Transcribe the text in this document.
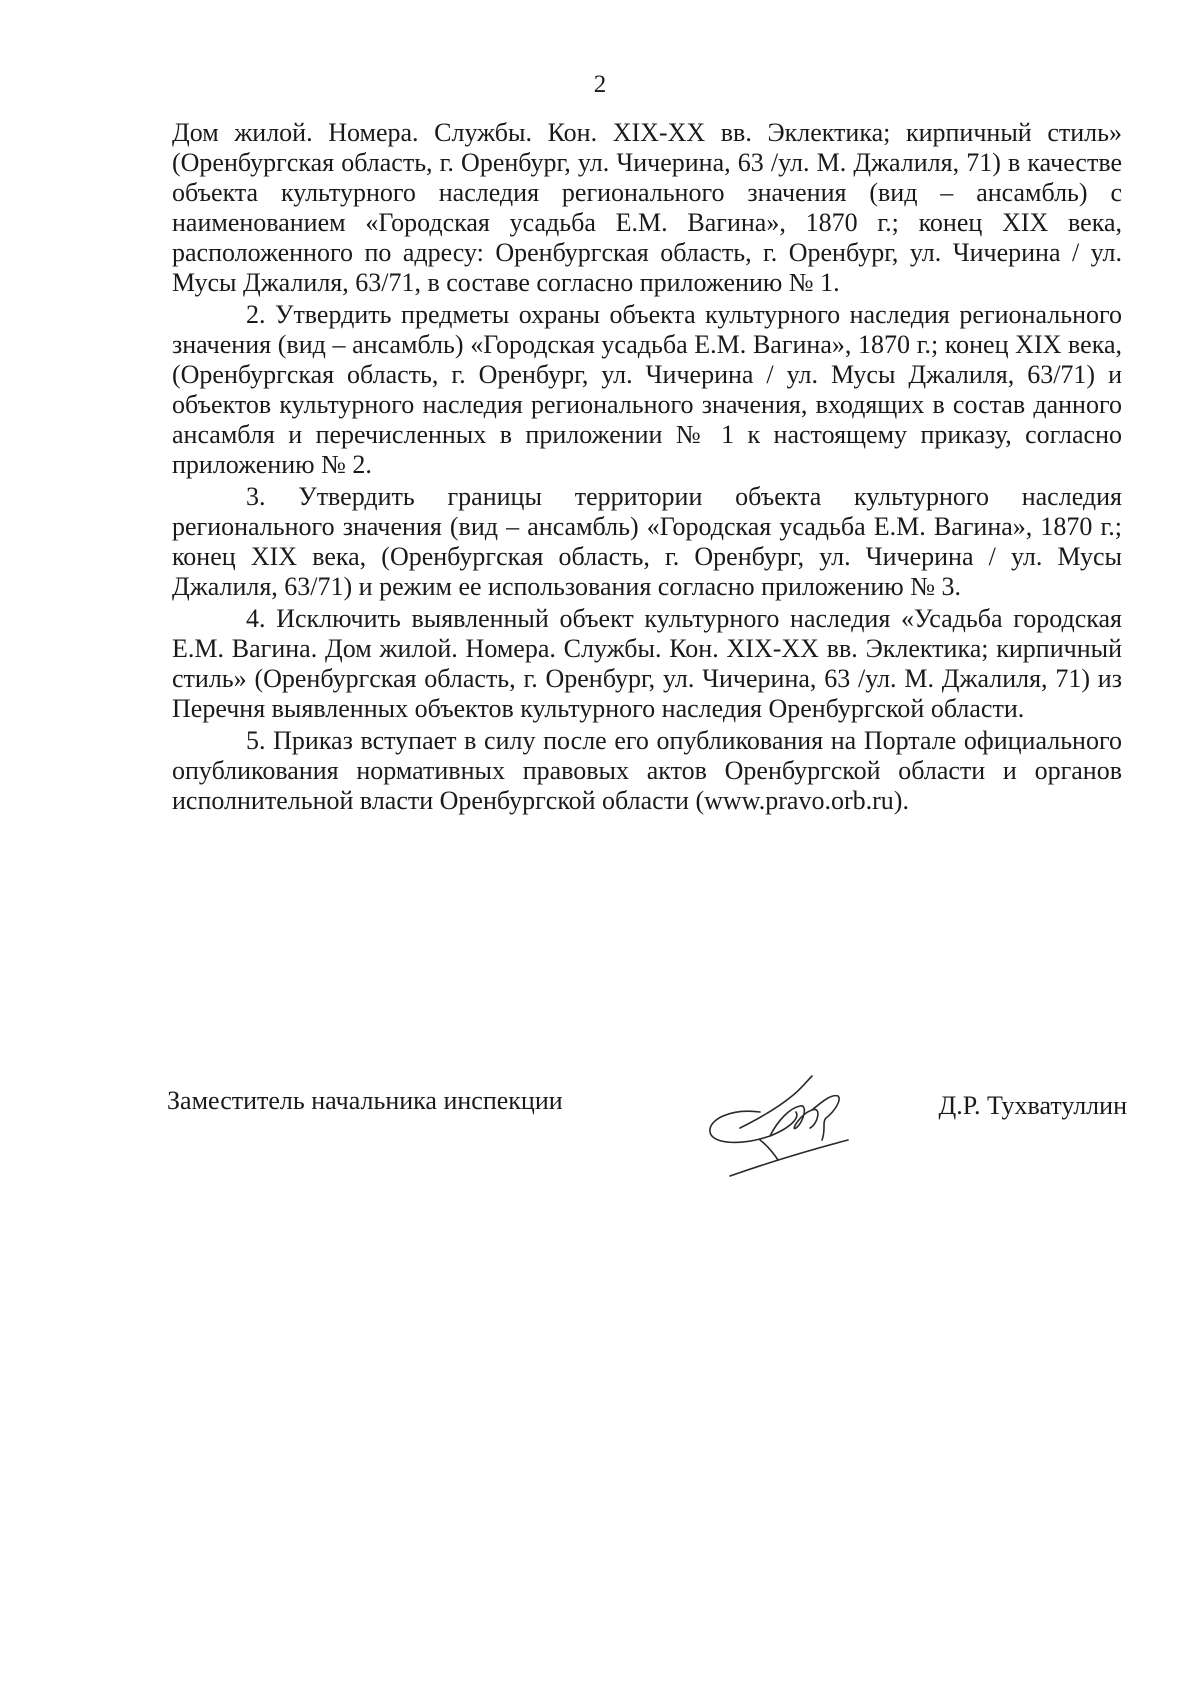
2

Дом жилой. Номера. Службы. Кон. XIX-XX вв. Эклектика; кирпичный стиль» (Оренбургская область, г. Оренбург, ул. Чичерина, 63 /ул. М. Джалиля, 71) в качестве объекта культурного наследия регионального значения (вид – ансамбль) с наименованием «Городская усадьба Е.М. Вагина», 1870 г.; конец XIX века, расположенного по адресу: Оренбургская область, г. Оренбург, ул. Чичерина / ул. Мусы Джалиля, 63/71, в составе согласно приложению № 1.

2. Утвердить предметы охраны объекта культурного наследия регионального значения (вид – ансамбль) «Городская усадьба Е.М. Вагина», 1870 г.; конец XIX века, (Оренбургская область, г. Оренбург, ул. Чичерина / ул. Мусы Джалиля, 63/71) и объектов культурного наследия регионального значения, входящих в состав данного ансамбля и перечисленных в приложении № 1 к настоящему приказу, согласно приложению № 2.

3. Утвердить границы территории объекта культурного наследия регионального значения (вид – ансамбль) «Городская усадьба Е.М. Вагина», 1870 г.; конец XIX века, (Оренбургская область, г. Оренбург, ул. Чичерина / ул. Мусы Джалиля, 63/71) и режим ее использования согласно приложению № 3.

4. Исключить выявленный объект культурного наследия «Усадьба городская Е.М. Вагина. Дом жилой. Номера. Службы. Кон. XIX-XX вв. Эклектика; кирпичный стиль» (Оренбургская область, г. Оренбург, ул. Чичерина, 63 /ул. М. Джалиля, 71) из Перечня выявленных объектов культурного наследия Оренбургской области.

5. Приказ вступает в силу после его опубликования на Портале официального опубликования нормативных правовых актов Оренбургской области и органов исполнительной власти Оренбургской области (www.pravo.orb.ru).

Заместитель начальника инспекции	Д.Р. Тухватуллин
